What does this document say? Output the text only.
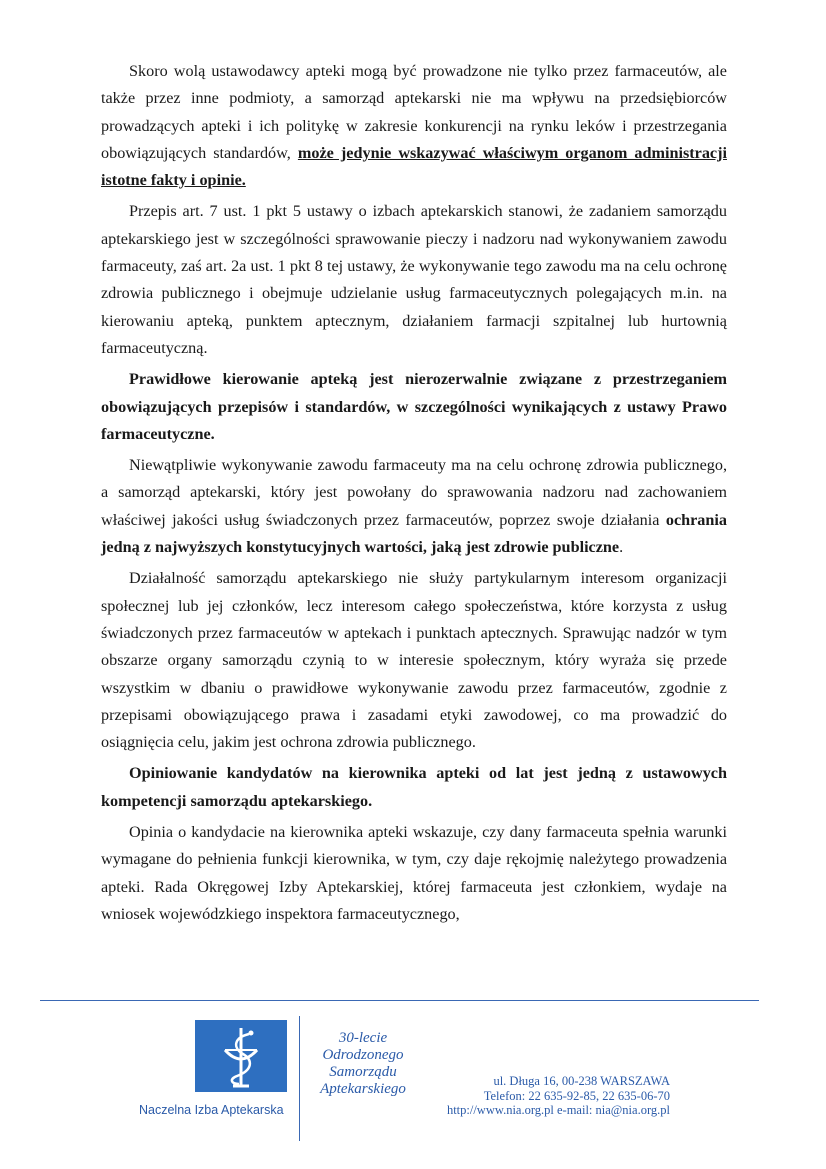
Skoro wolą ustawodawcy apteki mogą być prowadzone nie tylko przez farmaceutów, ale także przez inne podmioty, a samorząd aptekarski nie ma wpływu na przedsiębiorców prowadzących apteki i ich politykę w zakresie konkurencji na rynku leków i przestrzegania obowiązujących standardów, może jedynie wskazywać właściwym organom administracji istotne fakty i opinie.

Przepis art. 7 ust. 1 pkt 5 ustawy o izbach aptekarskich stanowi, że zadaniem samorządu aptekarskiego jest w szczególności sprawowanie pieczy i nadzoru nad wykonywaniem zawodu farmaceuty, zaś art. 2a ust. 1 pkt 8 tej ustawy, że wykonywanie tego zawodu ma na celu ochronę zdrowia publicznego i obejmuje udzielanie usług farmaceutycznych polegających m.in. na kierowaniu apteką, punktem aptecznym, działaniem farmacji szpitalnej lub hurtownią farmaceutyczną.

Prawidłowe kierowanie apteką jest nierozerwalnie związane z przestrzeganiem obowiązujących przepisów i standardów, w szczególności wynikających z ustawy Prawo farmaceutyczne.

Niewątpliwie wykonywanie zawodu farmaceuty ma na celu ochronę zdrowia publicznego, a samorząd aptekarski, który jest powołany do sprawowania nadzoru nad zachowaniem właściwej jakości usług świadczonych przez farmaceutów, poprzez swoje działania ochrania jedną z najwyższych konstytucyjnych wartości, jaką jest zdrowie publiczne.

Działalność samorządu aptekarskiego nie służy partykularnym interesom organizacji społecznej lub jej członków, lecz interesom całego społeczeństwa, które korzysta z usług świadczonych przez farmaceutów w aptekach i punktach aptecznych. Sprawując nadzór w tym obszarze organy samorządu czynią to w interesie społecznym, który wyraża się przede wszystkim w dbaniu o prawidłowe wykonywanie zawodu przez farmaceutów, zgodnie z przepisami obowiązującego prawa i zasadami etyki zawodowej, co ma prowadzić do osiągnięcia celu, jakim jest ochrona zdrowia publicznego.

Opiniowanie kandydatów na kierownika apteki od lat jest jedną z ustawowych kompetencji samorządu aptekarskiego.

Opinia o kandydacie na kierownika apteki wskazuje, czy dany farmaceuta spełnia warunki wymagane do pełnienia funkcji kierownika, w tym, czy daje rękojmię należytego prowadzenia apteki. Rada Okręgowej Izby Aptekarskiej, której farmaceuta jest członkiem, wydaje na wniosek wojewódzkiego inspektora farmaceutycznego,

Naczelna Izba Aptekarska
30-lecie
Odrodzonego
Samorządu
Aptekarskiego	ul. Długa 16, 00-238 WARSZAWA
Telefon: 22 635-92-85, 22 635-06-70
http://www.nia.org.pl e-mail: nia@nia.org.pl
